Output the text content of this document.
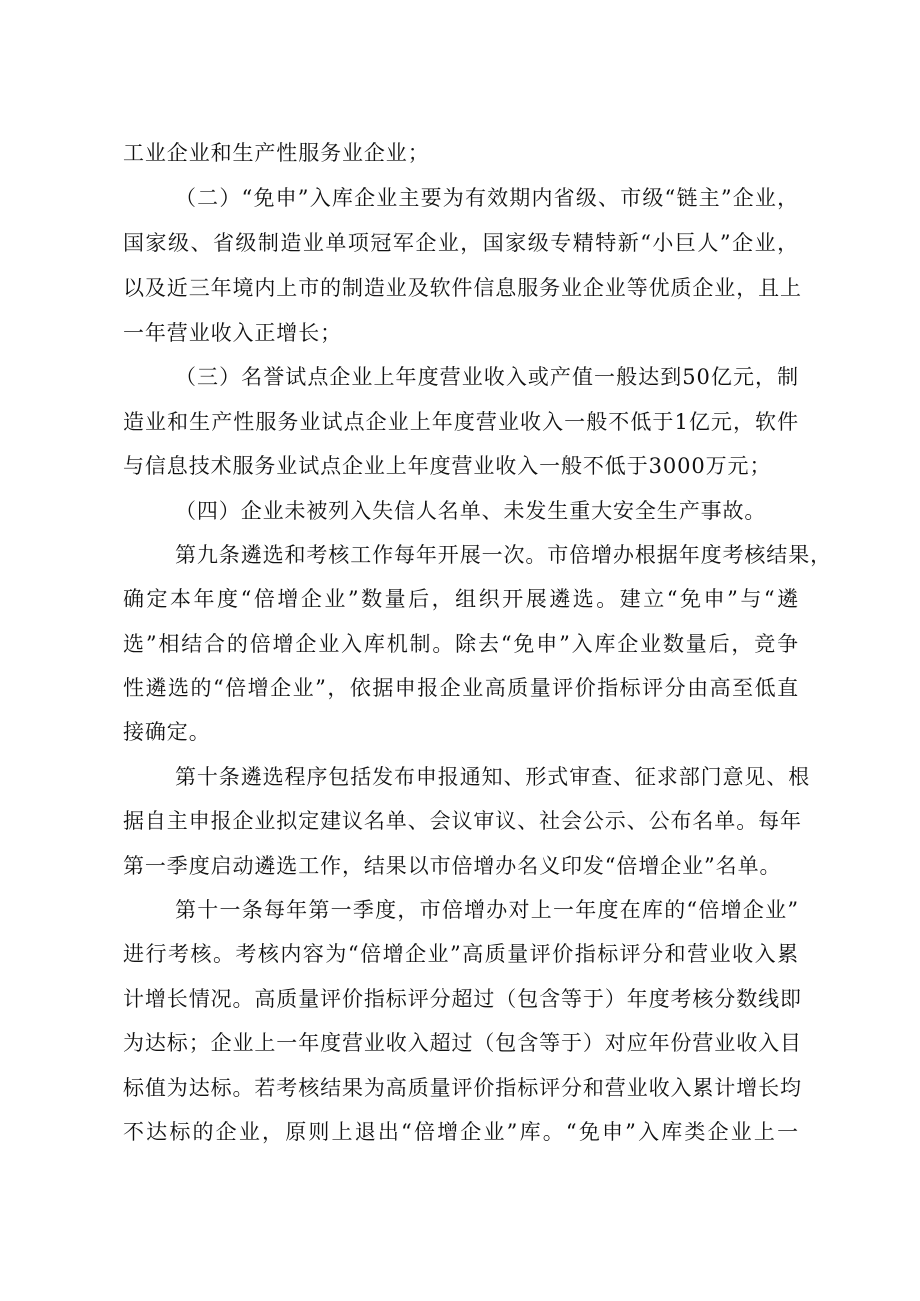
工业企业和生产性服务业企业；
（二）“免申”入库企业主要为有效期内省级、市级“链主”企业，
国家级、省级制造业单项冠军企业，国家级专精特新“小巨人”企业，
以及近三年境内上市的制造业及软件信息服务业企业等优质企业，且上
一年营业收入正增长；
（三）名誉试点企业上年度营业收入或产值一般达到50亿元，制
造业和生产性服务业试点企业上年度营业收入一般不低于1亿元，软件
与信息技术服务业试点企业上年度营业收入一般不低于3000万元；
（四）企业未被列入失信人名单、未发生重大安全生产事故。
第九条遴选和考核工作每年开展一次。市倍增办根据年度考核结果，
确定本年度“倍增企业”数量后，组织开展遴选。建立“免申”与“遴
选”相结合的倍增企业入库机制。除去“免申”入库企业数量后，竞争
性遴选的“倍增企业”，依据申报企业高质量评价指标评分由高至低直
接确定。
第十条遴选程序包括发布申报通知、形式审查、征求部门意见、根
据自主申报企业拟定建议名单、会议审议、社会公示、公布名单。每年
第一季度启动遴选工作，结果以市倍增办名义印发“倍增企业”名单。
第十一条每年第一季度，市倍增办对上一年度在库的“倍增企业”
进行考核。考核内容为“倍增企业”高质量评价指标评分和营业收入累
计增长情况。高质量评价指标评分超过（包含等于）年度考核分数线即
为达标；企业上一年度营业收入超过（包含等于）对应年份营业收入目
标值为达标。若考核结果为高质量评价指标评分和营业收入累计增长均
不达标的企业，原则上退出“倍增企业”库。“免申”入库类企业上一
